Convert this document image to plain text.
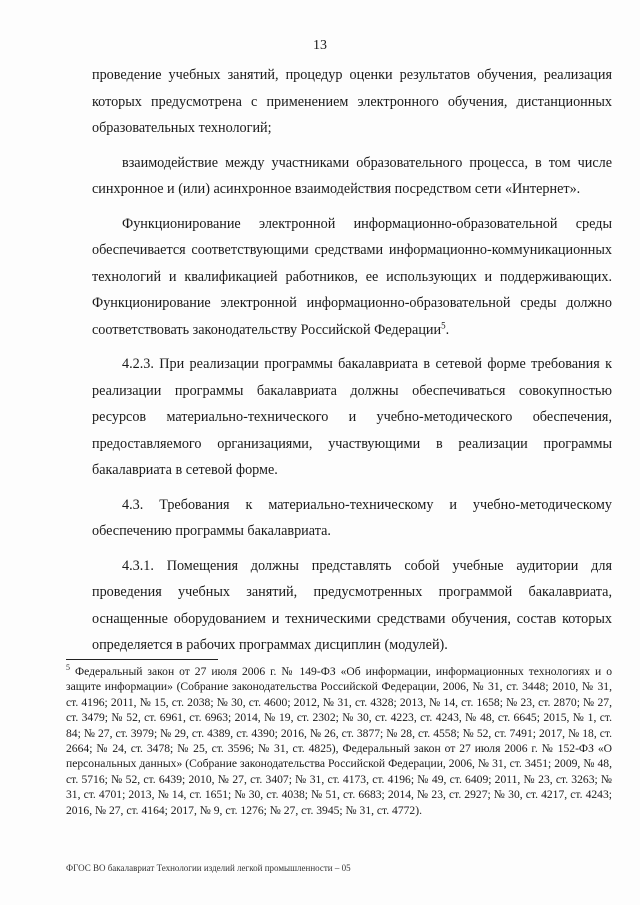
13

проведение учебных занятий, процедур оценки результатов обучения, реализация которых предусмотрена с применением электронного обучения, дистанционных образовательных технологий;

взаимодействие между участниками образовательного процесса, в том числе синхронное и (или) асинхронное взаимодействия посредством сети «Интернет».

Функционирование электронной информационно-образовательной среды обеспечивается соответствующими средствами информационно-коммуникационных технологий и квалификацией работников, ее использующих и поддерживающих. Функционирование электронной информационно-образовательной среды должно соответствовать законодательству Российской Федерации$^5$.

4.2.3. При реализации программы бакалавриата в сетевой форме требования к реализации программы бакалавриата должны обеспечиваться совокупностью ресурсов материально-технического и учебно-методического обеспечения, предоставляемого организациями, участвующими в реализации программы бакалавриата в сетевой форме.

4.3. Требования к материально-техническому и учебно-методическому обеспечению программы бакалавриата.

4.3.1. Помещения должны представлять собой учебные аудитории для проведения учебных занятий, предусмотренных программой бакалавриата, оснащенные оборудованием и техническими средствами обучения, состав которых определяется в рабочих программах дисциплин (модулей).

$^5$ Федеральный закон от 27 июля 2006 г. № 149-ФЗ «Об информации, информационных технологиях и о защите информации» (Собрание законодательства Российской Федерации, 2006, № 31, ст. 3448; 2010, № 31, ст. 4196; 2011, № 15, ст. 2038; № 30, ст. 4600; 2012, № 31, ст. 4328; 2013, № 14, ст. 1658; № 23, ст. 2870; № 27, ст. 3479; № 52, ст. 6961, ст. 6963; 2014, № 19, ст. 2302; № 30, ст. 4223, ст. 4243, № 48, ст. 6645; 2015, № 1, ст. 84; № 27, ст. 3979; № 29, ст. 4389, ст. 4390; 2016, № 26, ст. 3877; № 28, ст. 4558; № 52, ст. 7491; 2017, № 18, ст. 2664; № 24, ст. 3478; № 25, ст. 3596; № 31, ст. 4825), Федеральный закон от 27 июля 2006 г. № 152-ФЗ «О персональных данных» (Собрание законодательства Российской Федерации, 2006, № 31, ст. 3451; 2009, № 48, ст. 5716; № 52, ст. 6439; 2010, № 27, ст. 3407; № 31, ст. 4173, ст. 4196; № 49, ст. 6409; 2011, № 23, ст. 3263; № 31, ст. 4701; 2013, № 14, ст. 1651; № 30, ст. 4038; № 51, ст. 6683; 2014, № 23, ст. 2927; № 30, ст. 4217, ст. 4243; 2016, № 27, ст. 4164; 2017, № 9, ст. 1276; № 27, ст. 3945; № 31, ст. 4772).
ФГОС ВО бакалавриат Технологии изделий легкой промышленности – 05
